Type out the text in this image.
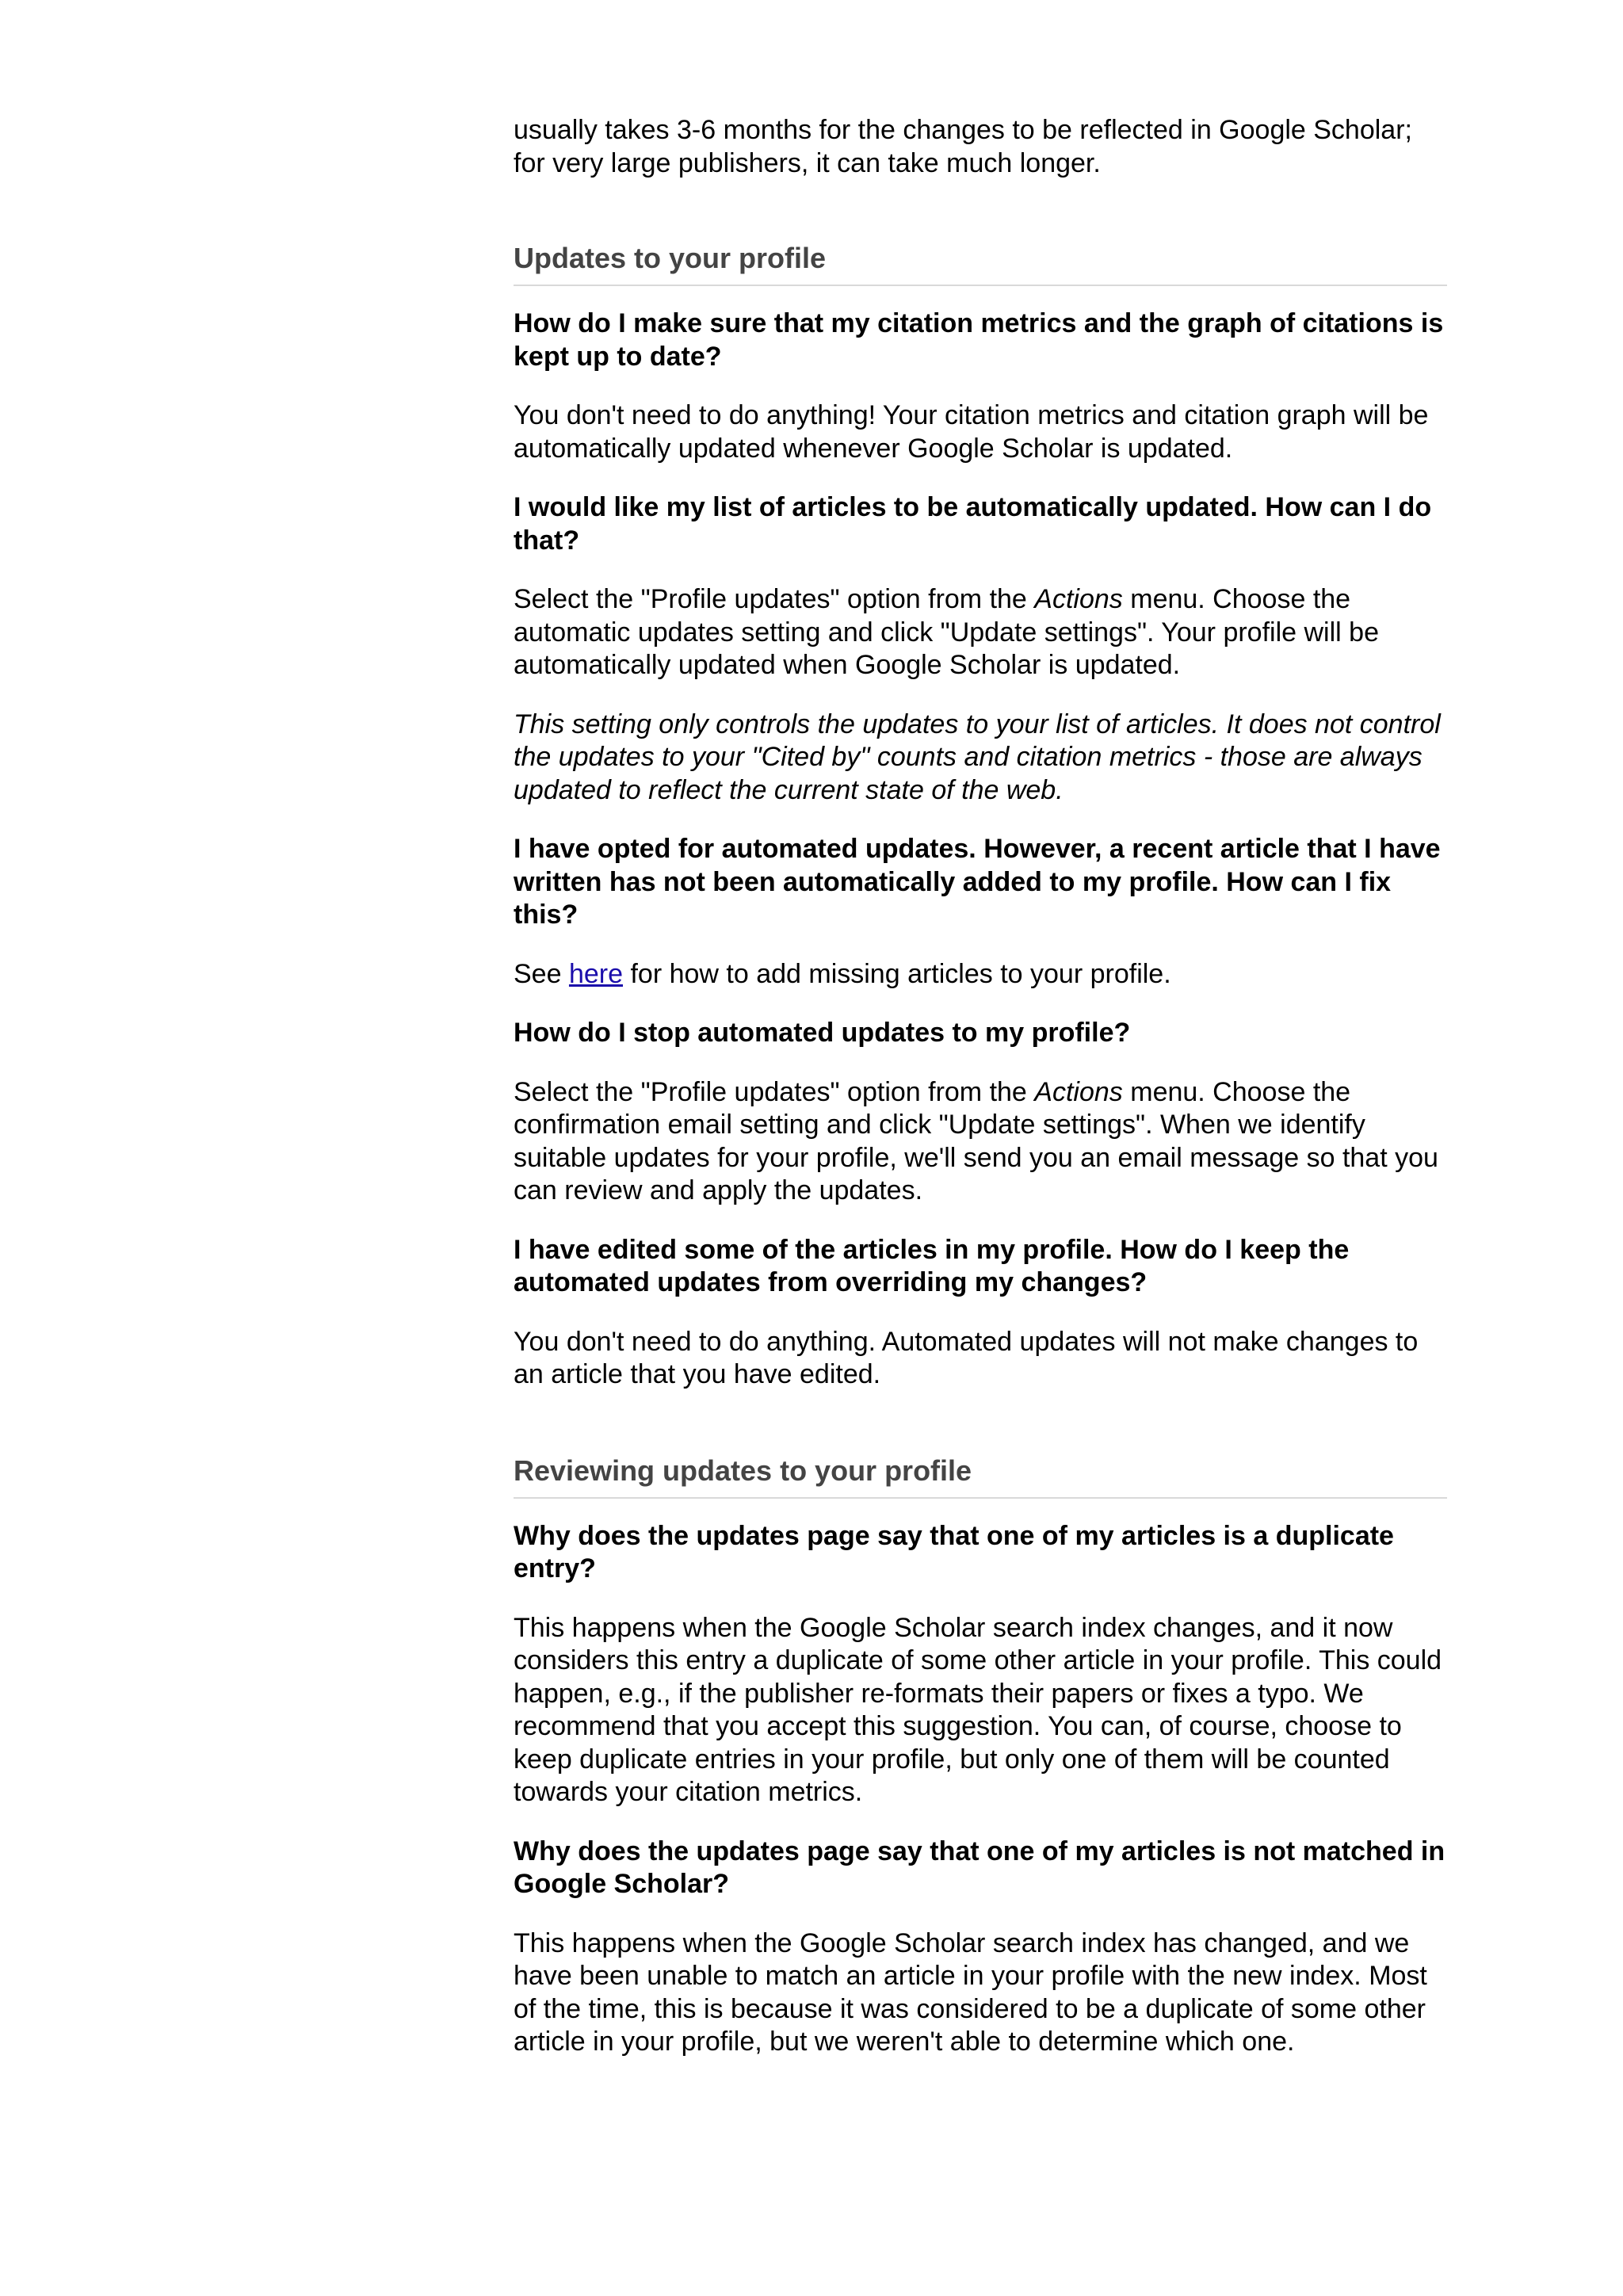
usually takes 3-6 months for the changes to be reflected in Google Scholar; for very large publishers, it can take much longer.

Updates to your profile

How do I make sure that my citation metrics and the graph of citations is kept up to date?

You don't need to do anything! Your citation metrics and citation graph will be automatically updated whenever Google Scholar is updated.

I would like my list of articles to be automatically updated. How can I do that?

Select the "Profile updates" option from the Actions menu. Choose the automatic updates setting and click "Update settings". Your profile will be automatically updated when Google Scholar is updated.

This setting only controls the updates to your list of articles. It does not control the updates to your "Cited by" counts and citation metrics - those are always updated to reflect the current state of the web.

I have opted for automated updates. However, a recent article that I have written has not been automatically added to my profile. How can I fix this?

See here for how to add missing articles to your profile.

How do I stop automated updates to my profile?

Select the "Profile updates" option from the Actions menu. Choose the confirmation email setting and click "Update settings". When we identify suitable updates for your profile, we'll send you an email message so that you can review and apply the updates.

I have edited some of the articles in my profile. How do I keep the automated updates from overriding my changes?

You don't need to do anything. Automated updates will not make changes to an article that you have edited.

Reviewing updates to your profile

Why does the updates page say that one of my articles is a duplicate entry?

This happens when the Google Scholar search index changes, and it now considers this entry a duplicate of some other article in your profile. This could happen, e.g., if the publisher re-formats their papers or fixes a typo. We recommend that you accept this suggestion. You can, of course, choose to keep duplicate entries in your profile, but only one of them will be counted towards your citation metrics.

Why does the updates page say that one of my articles is not matched in Google Scholar?

This happens when the Google Scholar search index has changed, and we have been unable to match an article in your profile with the new index. Most of the time, this is because it was considered to be a duplicate of some other article in your profile, but we weren't able to determine which one.
